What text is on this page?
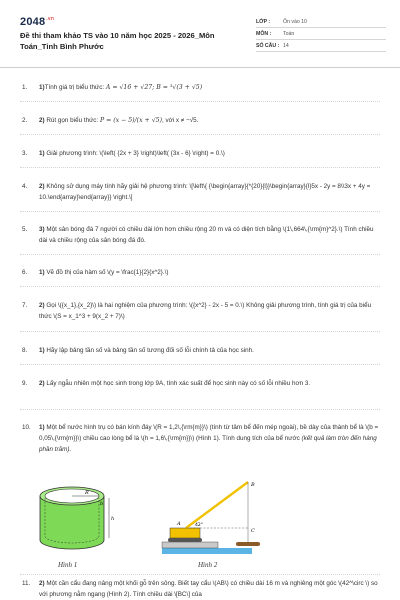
$2048^{.vn}$
Đề thi tham khảo TS vào 10 năm học 2025 - 2026_Môn Toán_Tỉnh Bình Phước
LỚP :	Ôn vào 10
MÔN :	Toán
SỐ CÂU : 14
1.	1)Tính giá trị biểu thức: A = √16 + √27; B = ³√(3 + √5)
2.	2) Rút gọn biểu thức: P = (x − 5)/(x + √5), với x ≠ −√5.
3.	1) Giải phương trình: \(\left( {2x + 3} \right)\left( {3x - 6} \right) = 0.\)
4.	2) Không sử dụng máy tính hãy giải hệ phương trình: \[\left\{ {\begin{array}{*{20}{l}}\begin{array}{l}5x - 2y = 8\\3x + 4y = 10.\end{array}\end{array}} \right.\]
5.	3) Một sân bóng đá 7 người có chiều dài lớn hơn chiều rộng 20 m và có diện tích bằng \(1\,664\,{\rm{m}^2}.\) Tính chiều dài và chiều rộng của sân bóng đá đó.
6.	1) Vẽ đồ thị của hàm số \(y = \frac{1}{2}{x^2}.\)
7.	2) Gọi \({x_1},{x_2}\) là hai nghiệm của phương trình: \({x^2} - 2x - 5 = 0.\) Không giải phương trình, tính giá trị của biểu thức \(S = x_1^3 + 9(x_2 + 7)\)
8.	1) Hãy lập bảng tần số và bảng tần số tương đối số lỗi chính tả của học sinh.
9.	2) Lấy ngẫu nhiên một học sinh trong lớp 9A, tính xác suất để học sinh này có số lỗi nhiều hơn 3.
10.	1) Một bể nước hình trụ có bán kính đáy \(R = 1,2\,{\rm{m}}\) (tính từ tâm bể đến mép ngoài), bề dày của thành bể là \(b = 0,05\,{\rm{m}}\) chiều cao lòng bể là \(h = 1,6\,{\rm{m}}\) (Hình 1). Tính dung tích của bể nước (kết quả làm tròn đến hàng phần trăm).
R
b
h
A
B
C
42°
Hình 1	Hình 2
11.	2) Một cần cẩu đang nâng một khối gỗ trên sông. Biết tay cẩu \(AB\) có chiều dài 16 m và nghiêng một góc \(42^\circ \) so với phương nằm ngang (Hình 2). Tính chiều dài \[BC\] của
